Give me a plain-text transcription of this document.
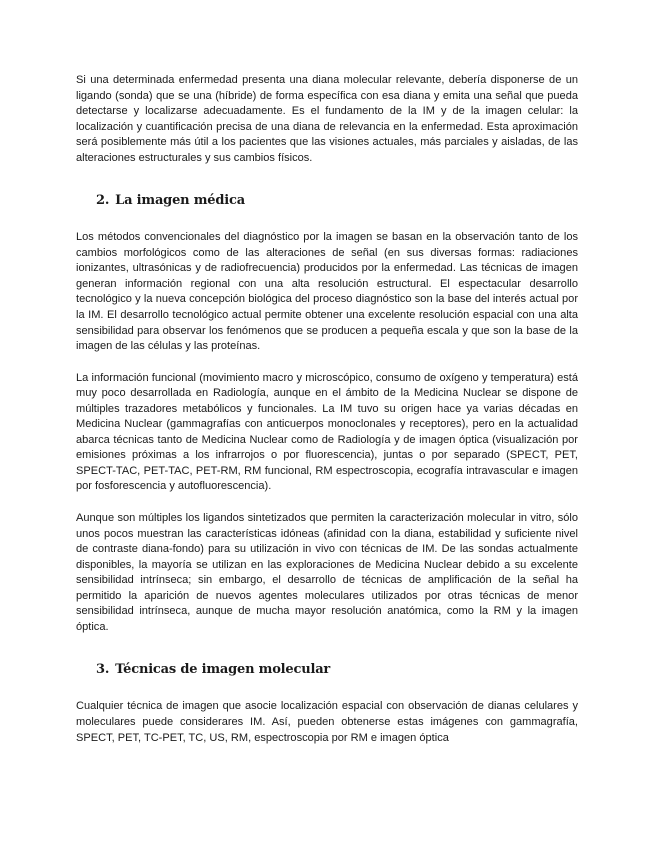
Si una determinada enfermedad presenta una diana molecular relevante, debería disponerse de un ligando (sonda) que se una (híbride) de forma específica con esa diana y emita una señal que pueda detectarse y localizarse adecuadamente. Es el fundamento de la IM y de la imagen celular: la localización y cuantificación precisa de una diana de relevancia en la enfermedad. Esta aproximación será posiblemente más útil a los pacientes que las visiones actuales, más parciales y aisladas, de las alteraciones estructurales y sus cambios físicos.

2. La imagen médica

Los métodos convencionales del diagnóstico por la imagen se basan en la observación tanto de los cambios morfológicos como de las alteraciones de señal (en sus diversas formas: radiaciones ionizantes, ultrasónicas y de radiofrecuencia) producidos por la enfermedad. Las técnicas de imagen generan información regional con una alta resolución estructural. El espectacular desarrollo tecnológico y la nueva concepción biológica del proceso diagnóstico son la base del interés actual por la IM. El desarrollo tecnológico actual permite obtener una excelente resolución espacial con una alta sensibilidad para observar los fenómenos que se producen a pequeña escala y que son la base de la imagen de las células y las proteínas.

La información funcional (movimiento macro y microscópico, consumo de oxígeno y temperatura) está muy poco desarrollada en Radiología, aunque en el ámbito de la Medicina Nuclear se dispone de múltiples trazadores metabólicos y funcionales. La IM tuvo su origen hace ya varias décadas en Medicina Nuclear (gammagrafías con anticuerpos monoclonales y receptores), pero en la actualidad abarca técnicas tanto de Medicina Nuclear como de Radiología y de imagen óptica (visualización por emisiones próximas a los infrarrojos o por fluorescencia), juntas o por separado (SPECT, PET, SPECT-TAC, PET-TAC, PET-RM, RM funcional, RM espectroscopia, ecografía intravascular e imagen por fosforescencia y autofluorescencia).

Aunque son múltiples los ligandos sintetizados que permiten la caracterización molecular in vitro, sólo unos pocos muestran las características idóneas (afinidad con la diana, estabilidad y suficiente nivel de contraste diana-fondo) para su utilización in vivo con técnicas de IM. De las sondas actualmente disponibles, la mayoría se utilizan en las exploraciones de Medicina Nuclear debido a su excelente sensibilidad intrínseca; sin embargo, el desarrollo de técnicas de amplificación de la señal ha permitido la aparición de nuevos agentes moleculares utilizados por otras técnicas de menor sensibilidad intrínseca, aunque de mucha mayor resolución anatómica, como la RM y la imagen óptica.

3. Técnicas de imagen molecular

Cualquier técnica de imagen que asocie localización espacial con observación de dianas celulares y moleculares puede considerares IM. Así, pueden obtenerse estas imágenes con gammagrafía, SPECT, PET, TC-PET, TC, US, RM, espectroscopia por RM e imagen óptica
